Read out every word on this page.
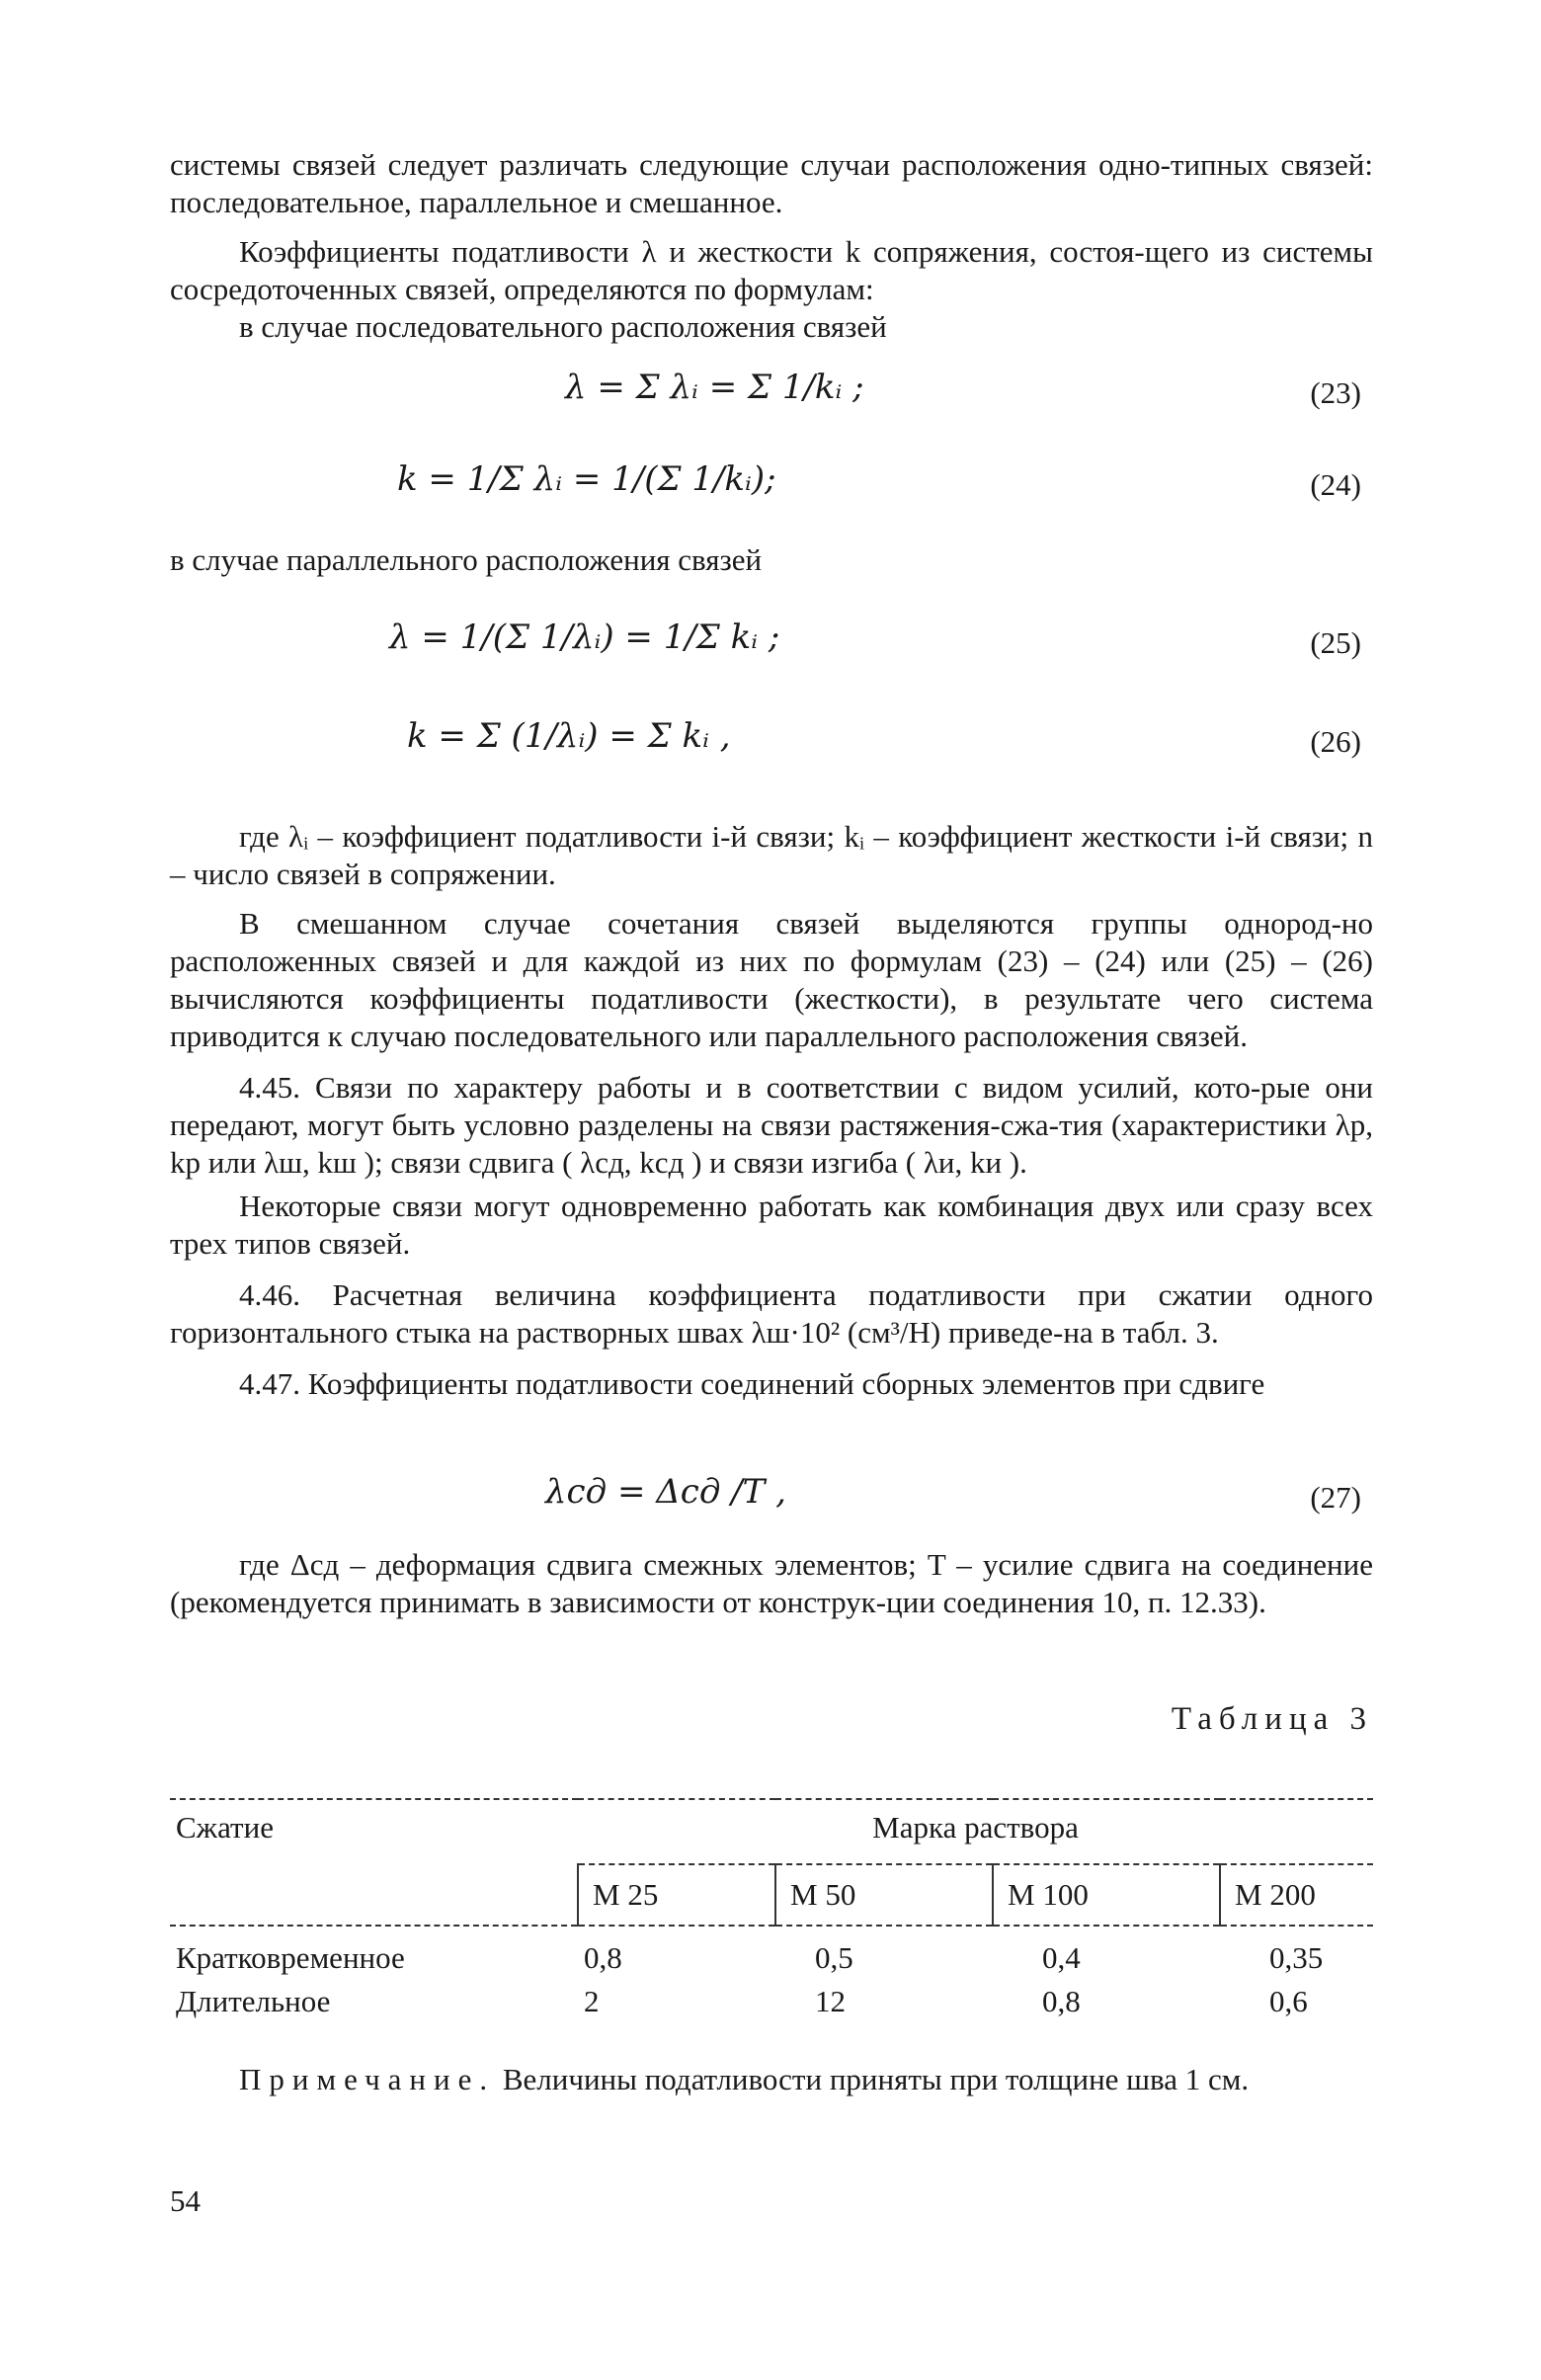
системы связей следует различать следующие случаи расположения одно-типных связей: последовательное, параллельное и смешанное.

Коэффициенты податливости λ и жесткости k сопряжения, состоя-щего из системы сосредоточенных связей, определяются по формулам:

в случае последовательного расположения связей

λ = Σ λᵢ = Σ 1/kᵢ ;	(23)
k = 1/Σ λᵢ = 1/(Σ 1/kᵢ);	(24)

в случае параллельного расположения связей

λ = 1/(Σ 1/λᵢ) = 1/Σ kᵢ ;	(25)
k = Σ (1/λᵢ) = Σ kᵢ ,	(26)

где λᵢ – коэффициент податливости i-й связи; kᵢ – коэффициент жесткости i-й связи; n – число связей в сопряжении.

В смешанном случае сочетания связей выделяются группы однород-но расположенных связей и для каждой из них по формулам (23) – (24) или (25) – (26) вычисляются коэффициенты податливости (жесткости), в результате чего система приводится к случаю последовательного или параллельного расположения связей.

4.45. Связи по характеру работы и в соответствии с видом усилий, кото-рые они передают, могут быть условно разделены на связи растяжения-сжа-тия (характеристики λр, kр или λш, kш ); связи сдвига ( λсд, kсд ) и связи изгиба ( λи, kи ).

Некоторые связи могут одновременно работать как комбинация двух или сразу всех трех типов связей.

4.46. Расчетная величина коэффициента податливости при сжатии одного горизонтального стыка на растворных швах λш·10² (см³/Н) приведе-на в табл. 3.

4.47. Коэффициенты податливости соединений сборных элементов при сдвиге

λсд = Δсд /T ,	(27)

где Δсд – деформация сдвига смежных элементов; T – усилие сдвига на соединение (рекомендуется принимать в зависимости от конструк-ции соединения 10, п. 12.33).

Таблица 3
Сжатие	Марка раствора			
	М 25	М 50	М 100	М 200
Кратковременное	0,8	0,5	0,4	0,35
Длительное	2	12	0,8	0,6
Примечание. Величины податливости приняты при толщине шва 1 см.
54
